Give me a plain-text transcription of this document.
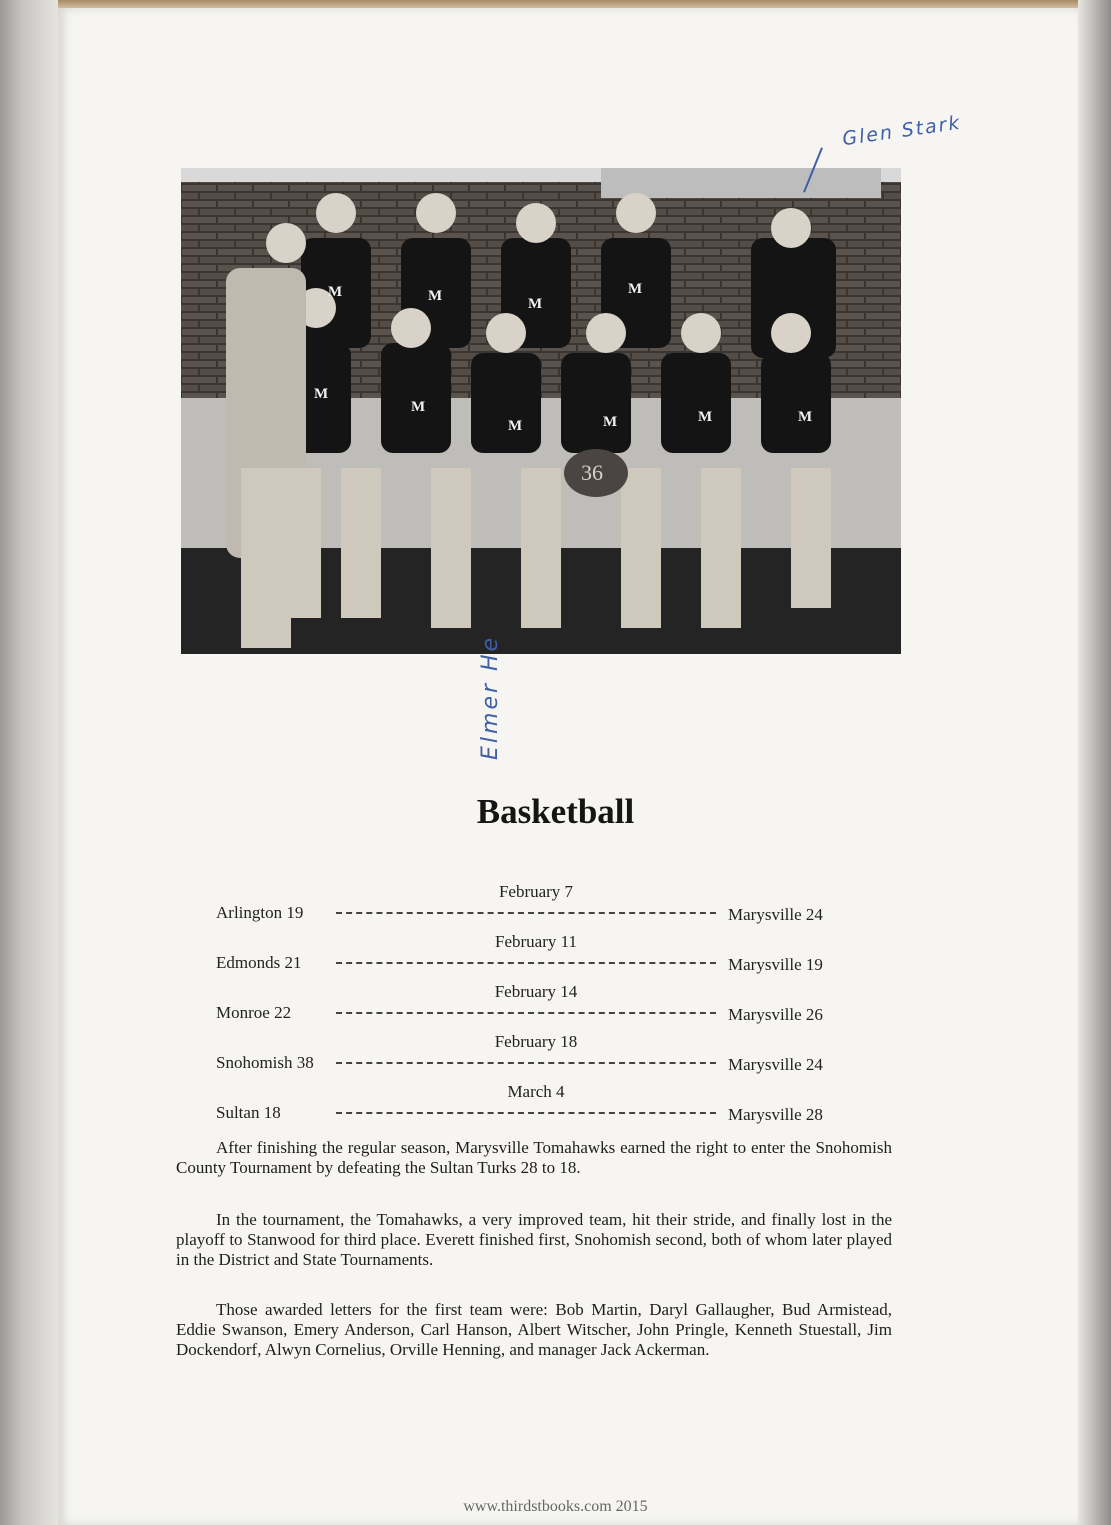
36
M	M	M
M
M
M
M	M	M	M
Glen Stark
Elmer He
Basketball
February 7
Arlington 19	Marysville 24
February 11
Edmonds 21	Marysville 19
February 14
Monroe 22	Marysville 26
February 18
Snohomish 38	Marysville 24
March 4
Sultan 18	Marysville 28

After finishing the regular season, Marysville Tomahawks earned the right to enter the Snohomish County Tournament by defeating the Sultan Turks 28 to 18.

In the tournament, the Tomahawks, a very improved team, hit their stride, and finally lost in the playoff to Stanwood for third place. Everett finished first, Snohomish second, both of whom later played in the District and State Tournaments.

Those awarded letters for the first team were: Bob Martin, Daryl Gallaugher, Bud Armistead, Eddie Swanson, Emery Anderson, Carl Hanson, Albert Witscher, John Pringle, Kenneth Stuestall, Jim Dockendorf, Alwyn Cornelius, Orville Henning, and manager Jack Ackerman.

www.thirdstbooks.com 2015
